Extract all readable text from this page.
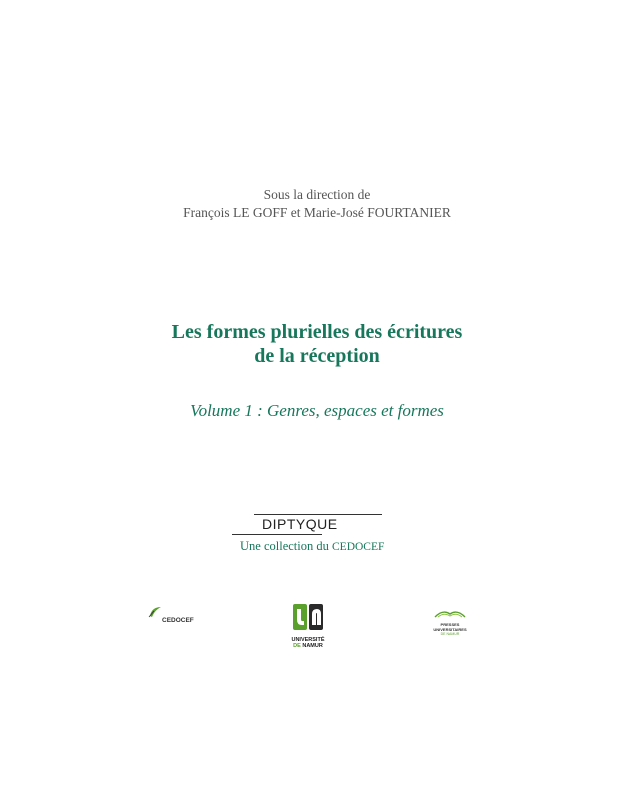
Sous la direction de
François LE GOFF et Marie-José FOURTANIER
Les formes plurielles des écritures
de la réception
Volume 1 : Genres, espaces et formes
DIPTYQUE
Une collection du CEDOCEF
CEDOCEF
UNIVERSITÉ
DE NAMUR
PRESSES
UNIVERSITAIRES
DE NAMUR
